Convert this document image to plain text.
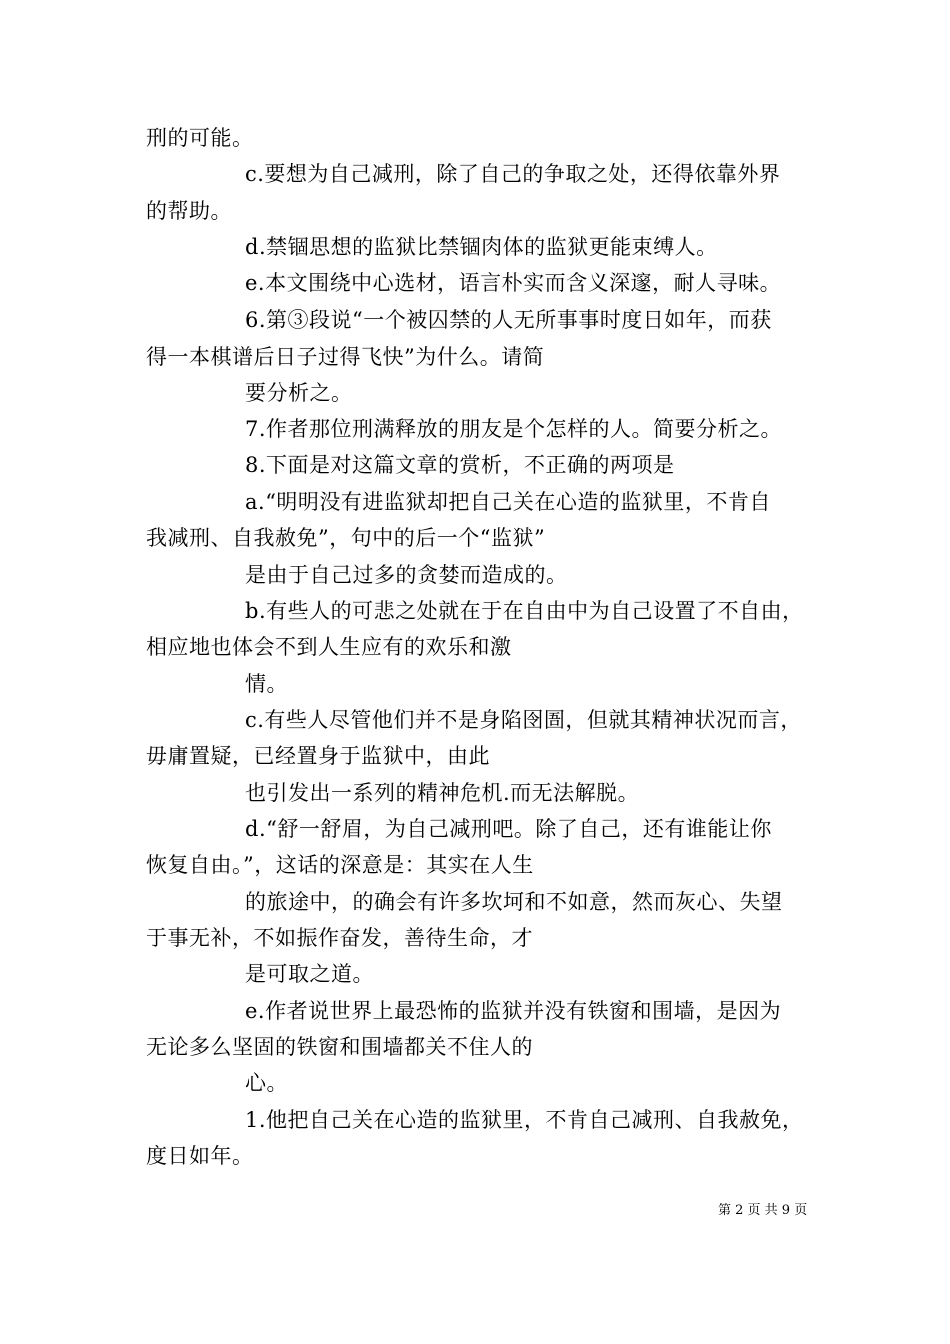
刑的可能。
c.要想为自己减刑，除了自己的争取之处，还得依靠外界
的帮助。
d.禁锢思想的监狱比禁锢肉体的监狱更能束缚人。
e.本文围绕中心选材，语言朴实而含义深邃，耐人寻味。
6.第③段说“一个被囚禁的人无所事事时度日如年，而获
得一本棋谱后日子过得飞快”为什么。请简
要分析之。
7.作者那位刑满释放的朋友是个怎样的人。简要分析之。
8.下面是对这篇文章的赏析，不正确的两项是
a.“明明没有进监狱却把自己关在心造的监狱里，不肯自
我减刑、自我赦免”，句中的后一个“监狱”
是由于自己过多的贪婪而造成的。
b.有些人的可悲之处就在于在自由中为自己设置了不自由，
相应地也体会不到人生应有的欢乐和激
情。
c.有些人尽管他们并不是身陷囹圄，但就其精神状况而言，
毋庸置疑，已经置身于监狱中，由此
也引发出一系列的精神危机.而无法解脱。
d.“舒一舒眉，为自己减刑吧。除了自己，还有谁能让你
恢复自由。”，这话的深意是：其实在人生
的旅途中，的确会有许多坎坷和不如意，然而灰心、失望
于事无补，不如振作奋发，善待生命，才
是可取之道。
e.作者说世界上最恐怖的监狱并没有铁窗和围墙，是因为
无论多么坚固的铁窗和围墙都关不住人的
心。
1.他把自己关在心造的监狱里，不肯自己减刑、自我赦免，
度日如年。
第 2 页 共 9 页
